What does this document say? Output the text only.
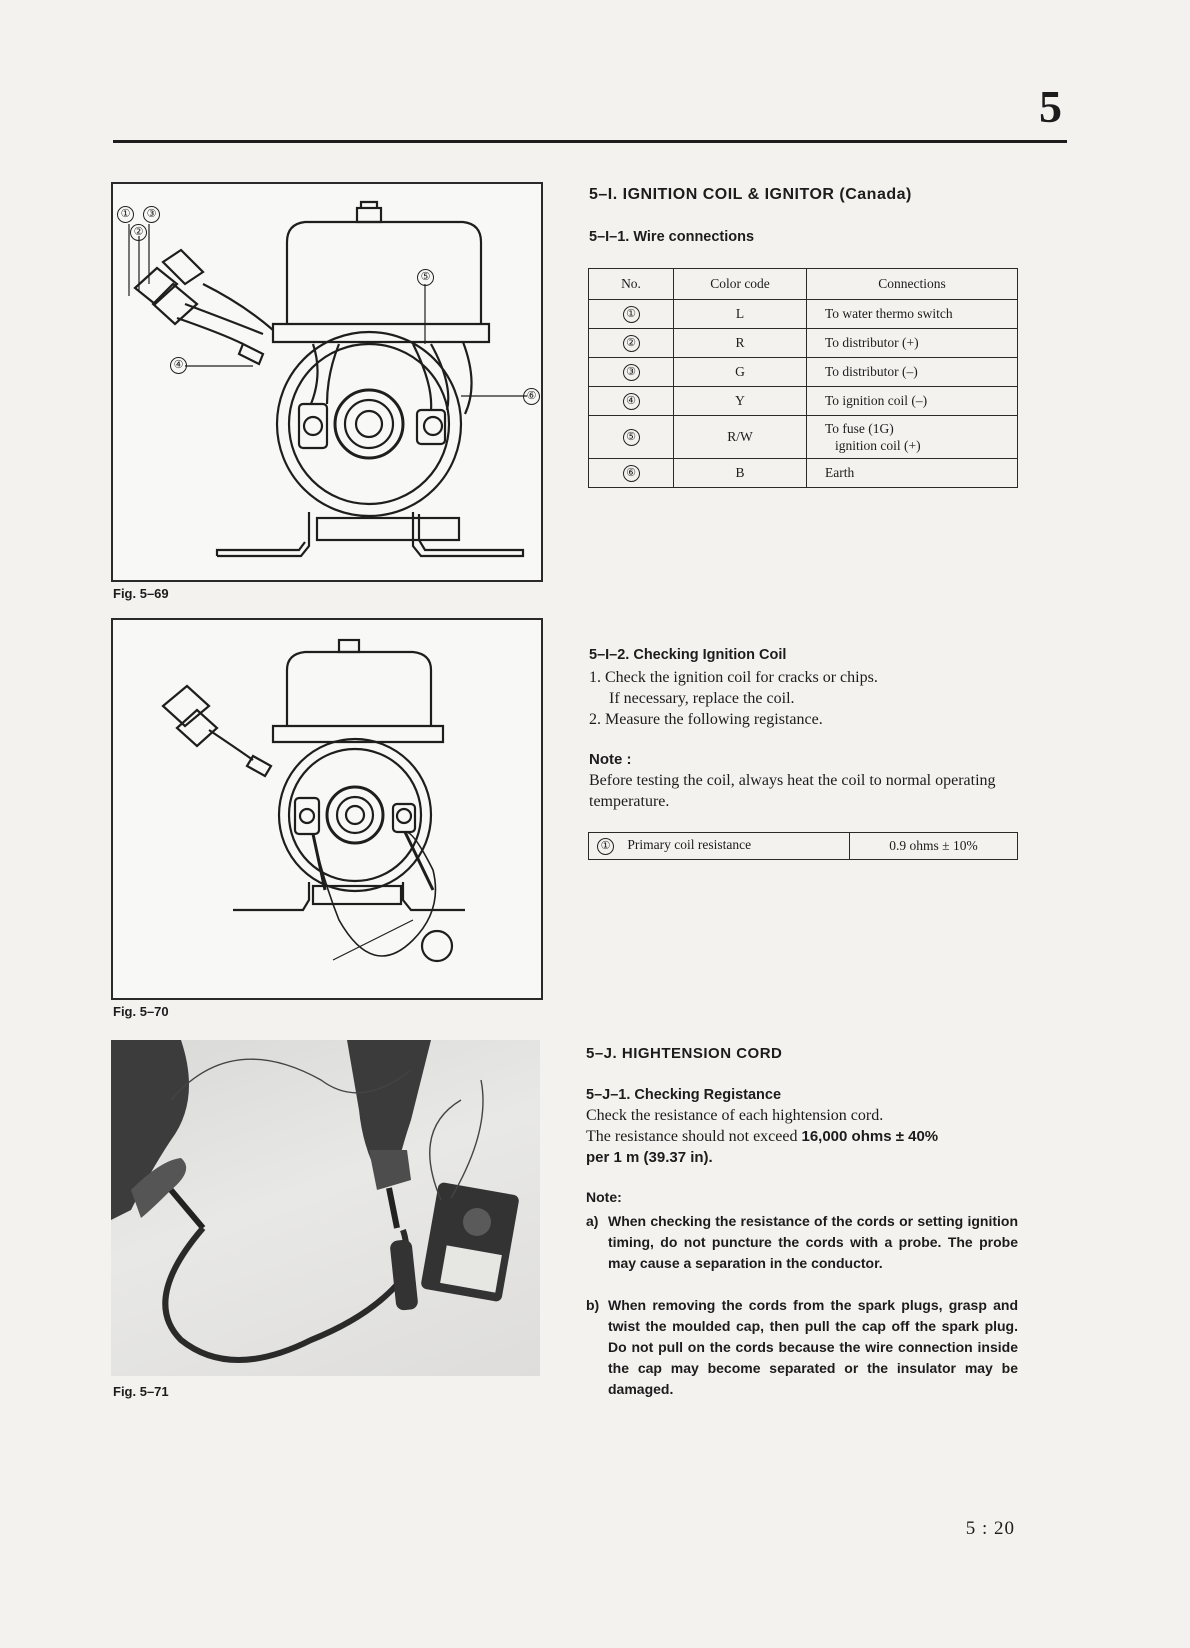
5
①
②
③
④
⑤
⑥
Fig. 5–69
Fig. 5–70
Fig. 5–71
5–I. IGNITION COIL & IGNITOR (Canada)
5–I–1. Wire connections
No.	Color code	Connections
①	L	To water thermo switch
②	R	To distributor (+)
③	G	To distributor (–)
④	Y	To ignition coil (–)
⑤	R/W	To fuse (1G)
ignition coil (+)

⑥	B	Earth
5–I–2. Checking Ignition Coil
1. Check the ignition coil for cracks or chips.
If necessary, replace the coil.
2. Measure the following registance.
Note :
Before testing the coil, always heat the coil to normal operating temperature.
① Primary coil resistance	0.9 ohms ± 10%
5–J. HIGHTENSION CORD
5–J–1. Checking Registance
Check the resistance of each hightension cord.
The resistance should not exceed 16,000 ohms ± 40%
per 1 m (39.37 in).
Note:
a) When checking the resistance of the cords or setting ignition timing, do not puncture the cords with a probe. The probe may cause a separation in the conductor.
b) When removing the cords from the spark plugs, grasp and twist the moulded cap, then pull the cap off the spark plug. Do not pull on the cords because the wire connection inside the cap may become separated or the insulator may be damaged.
5 : 20
